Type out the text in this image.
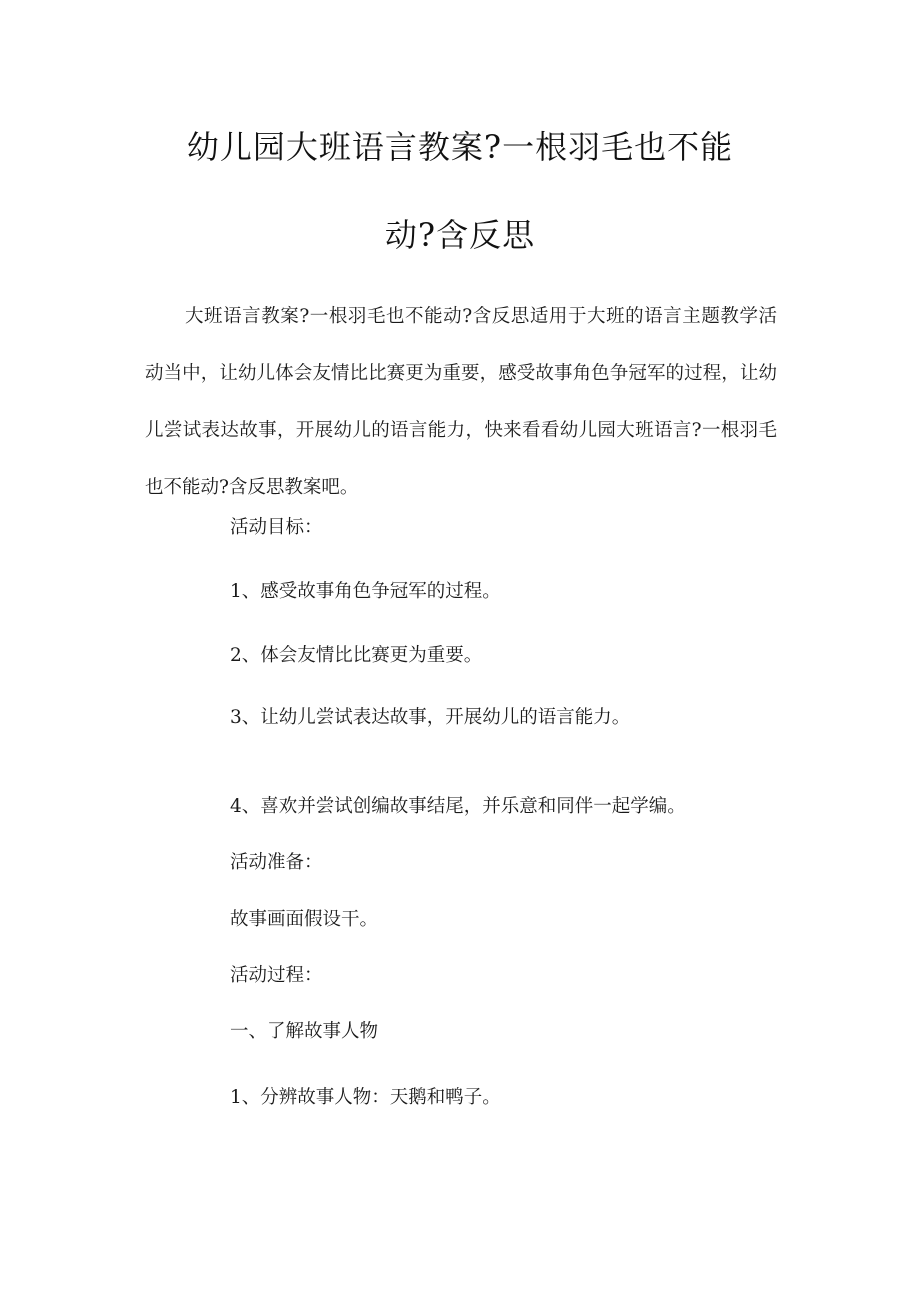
幼儿园大班语言教案?一根羽毛也不能
动?含反思
大班语言教案?一根羽毛也不能动?含反思适用于大班的语言主题教学活动当中，让幼儿体会友情比比赛更为重要，感受故事角色争冠军的过程，让幼儿尝试表达故事，开展幼儿的语言能力，快来看看幼儿园大班语言?一根羽毛也不能动?含反思教案吧。
活动目标：
1、感受故事角色争冠军的过程。
2、体会友情比比赛更为重要。
3、让幼儿尝试表达故事，开展幼儿的语言能力。
4、喜欢并尝试创编故事结尾，并乐意和同伴一起学编。
活动准备：
故事画面假设干。
活动过程：
一、了解故事人物
1、分辨故事人物：天鹅和鸭子。
